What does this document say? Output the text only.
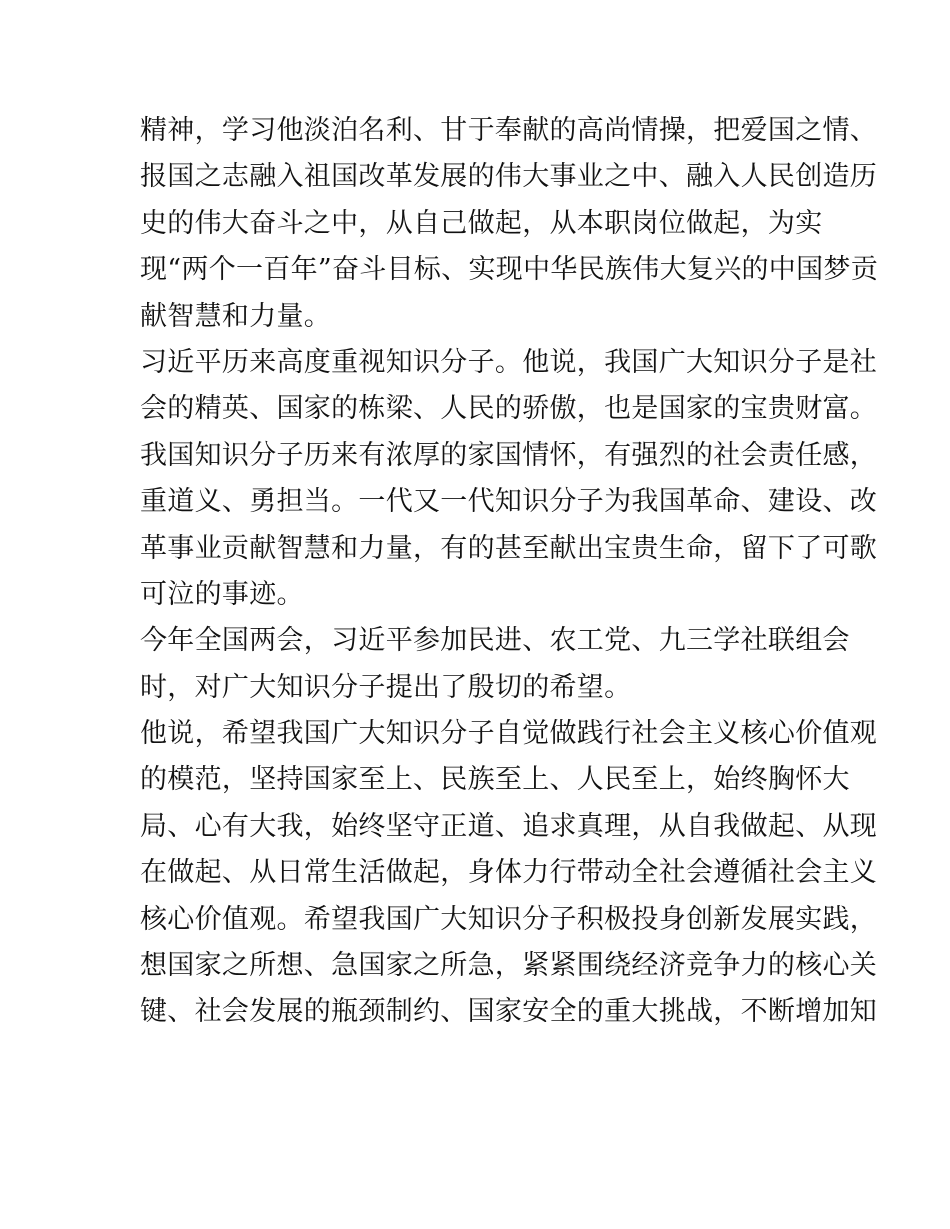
精神，学习他淡泊名利、甘于奉献的高尚情操，把爱国之情、
报国之志融入祖国改革发展的伟大事业之中、融入人民创造历
史的伟大奋斗之中，从自己做起，从本职岗位做起，为实
现“两个一百年”奋斗目标、实现中华民族伟大复兴的中国梦贡
献智慧和力量。
习近平历来高度重视知识分子。他说，我国广大知识分子是社
会的精英、国家的栋梁、人民的骄傲，也是国家的宝贵财富。
我国知识分子历来有浓厚的家国情怀，有强烈的社会责任感，
重道义、勇担当。一代又一代知识分子为我国革命、建设、改
革事业贡献智慧和力量，有的甚至献出宝贵生命，留下了可歌
可泣的事迹。
今年全国两会，习近平参加民进、农工党、九三学社联组会
时，对广大知识分子提出了殷切的希望。
他说，希望我国广大知识分子自觉做践行社会主义核心价值观
的模范，坚持国家至上、民族至上、人民至上，始终胸怀大
局、心有大我，始终坚守正道、追求真理，从自我做起、从现
在做起、从日常生活做起，身体力行带动全社会遵循社会主义
核心价值观。希望我国广大知识分子积极投身创新发展实践，
想国家之所想、急国家之所急，紧紧围绕经济竞争力的核心关
键、社会发展的瓶颈制约、国家安全的重大挑战，不断增加知
